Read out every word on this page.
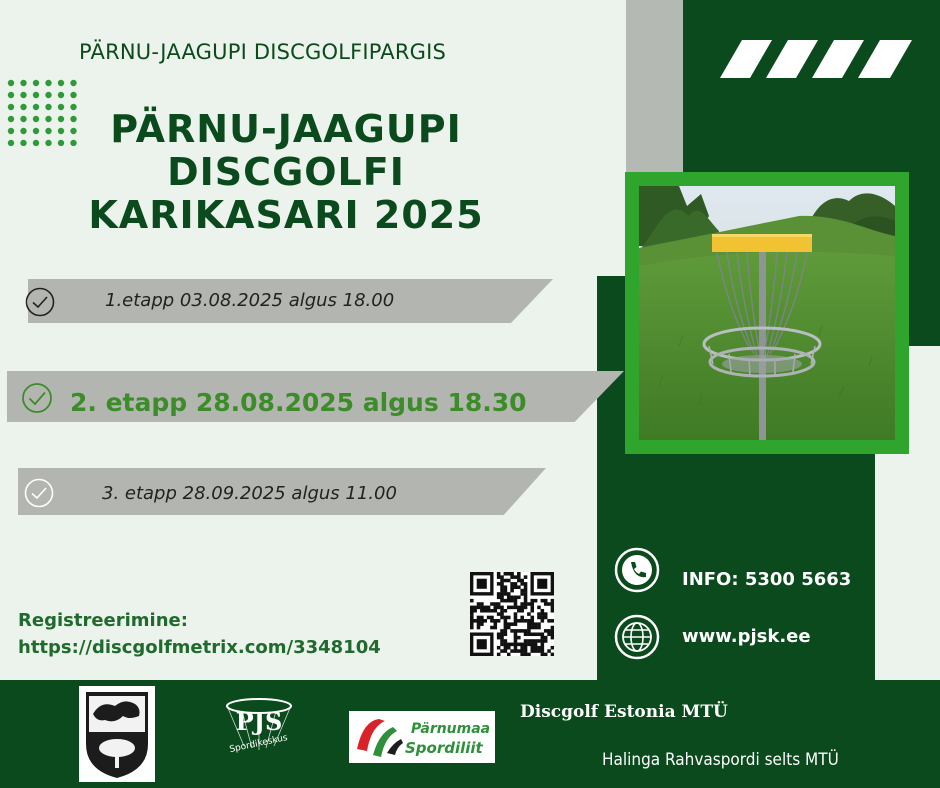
PÄRNU-JAAGUPI DISCGOLFIPARGIS
PÄRNU-JAAGUPI
DISCGOLFI
KARIKASARI 2025
1.etapp 03.08.2025 algus 18.00
2. etapp 28.08.2025 algus 18.30
3. etapp 28.09.2025 algus 11.00
Registreerimine:
https://discgolfmetrix.com/3348104
INFO: 5300 5663
www.pjsk.ee
PJS
Spordikeskus
Pärnumaa
Spordiliit
Discgolf Estonia MTÜ
Halinga Rahvaspordi selts MTÜ
